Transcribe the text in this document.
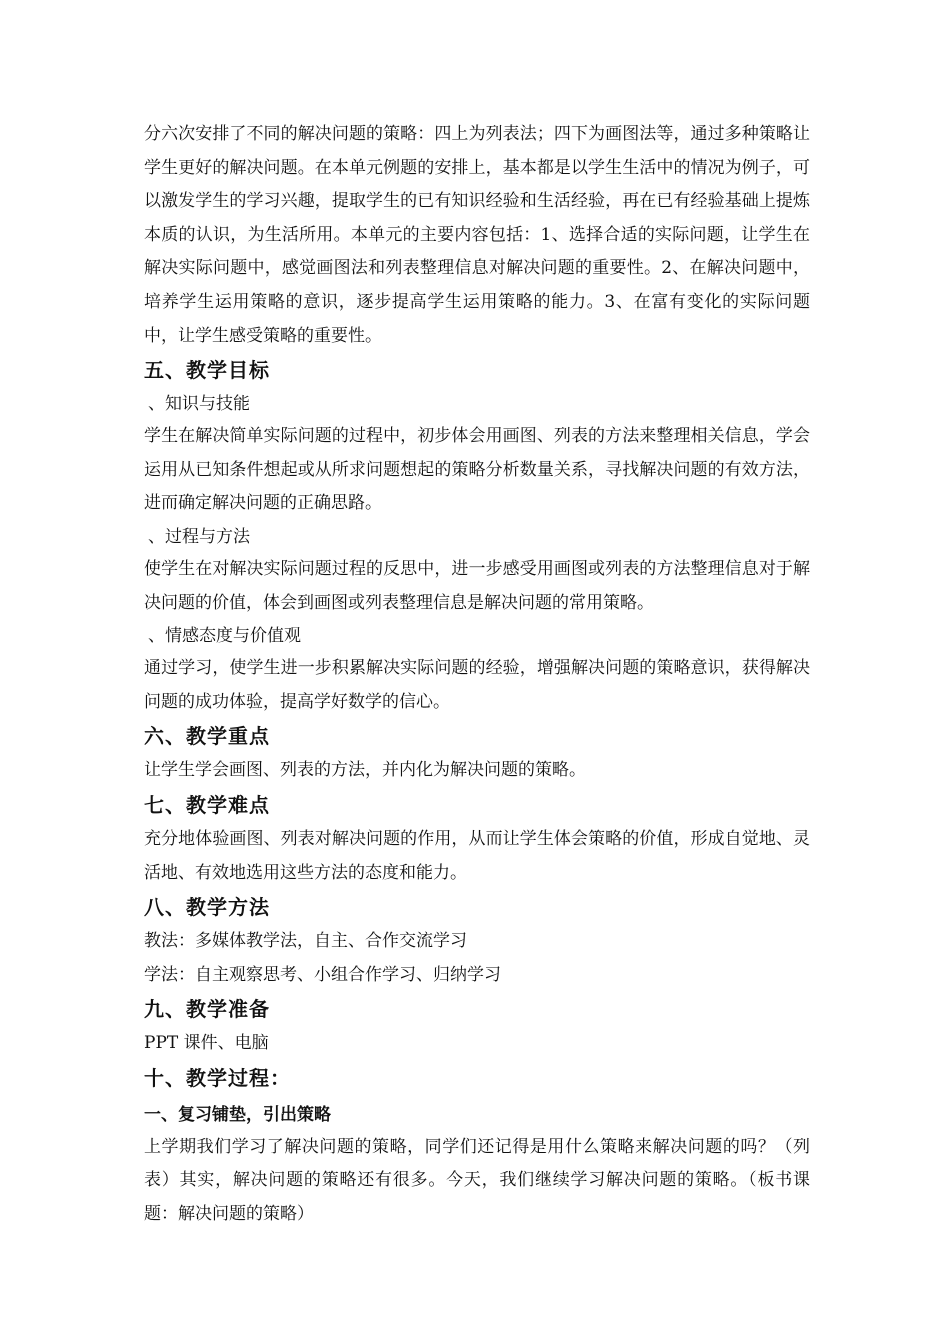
分六次安排了不同的解决问题的策略：四上为列表法；四下为画图法等，通过多种策略让学生更好的解决问题。在本单元例题的安排上，基本都是以学生生活中的情况为例子，可以激发学生的学习兴趣，提取学生的已有知识经验和生活经验，再在已有经验基础上提炼本质的认识，为生活所用。本单元的主要内容包括：1、选择合适的实际问题，让学生在解决实际问题中，感觉画图法和列表整理信息对解决问题的重要性。2、在解决问题中，培养学生运用策略的意识，逐步提高学生运用策略的能力。3、在富有变化的实际问题中，让学生感受策略的重要性。

五、教学目标
、知识与技能

学生在解决简单实际问题的过程中，初步体会用画图、列表的方法来整理相关信息，学会运用从已知条件想起或从所求问题想起的策略分析数量关系，寻找解决问题的有效方法，进而确定解决问题的正确思路。

、过程与方法

使学生在对解决实际问题过程的反思中，进一步感受用画图或列表的方法整理信息对于解决问题的价值，体会到画图或列表整理信息是解决问题的常用策略。

、情感态度与价值观

通过学习，使学生进一步积累解决实际问题的经验，增强解决问题的策略意识，获得解决问题的成功体验，提高学好数学的信心。

六、教学重点

让学生学会画图、列表的方法，并内化为解决问题的策略。

七、教学难点

充分地体验画图、列表对解决问题的作用，从而让学生体会策略的价值，形成自觉地、灵活地、有效地选用这些方法的态度和能力。

八、教学方法

教法：多媒体教学法，自主、合作交流学习

学法：自主观察思考、小组合作学习、归纳学习

九、教学准备

PPT 课件、电脑

十、教学过程：
一、复习铺垫，引出策略

上学期我们学习了解决问题的策略，同学们还记得是用什么策略来解决问题的吗？（列表）其实，解决问题的策略还有很多。今天，我们继续学习解决问题的策略。（板书课题：解决问题的策略）
